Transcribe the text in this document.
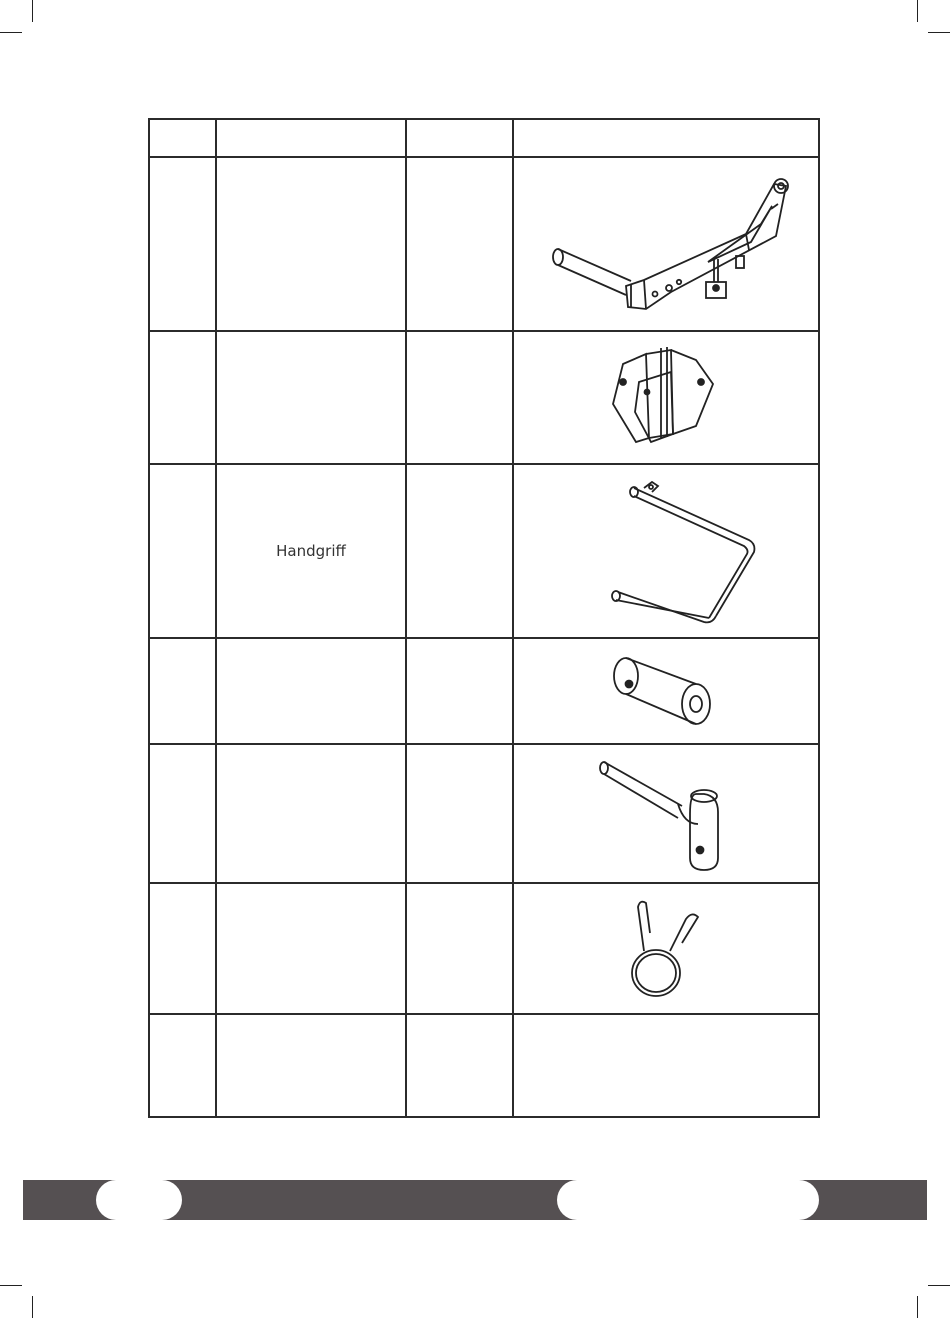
	Handgriff		
